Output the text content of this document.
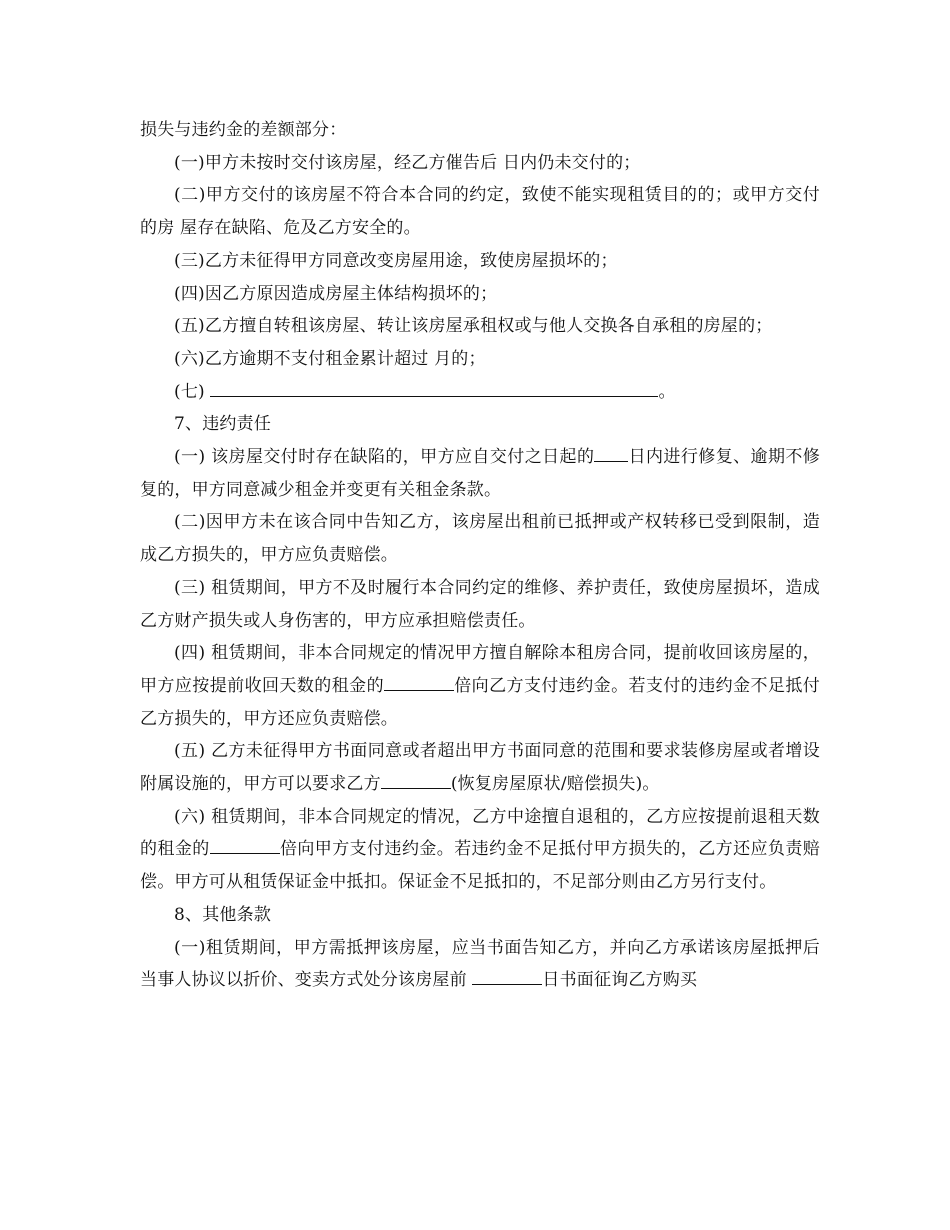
损失与违约金的差额部分：

(一)甲方未按时交付该房屋，经乙方催告后 日内仍未交付的；

(二)甲方交付的该房屋不符合本合同的约定，致使不能实现租赁目的的；或甲方交付的房 屋存在缺陷、危及乙方安全的。

(三)乙方未征得甲方同意改变房屋用途，致使房屋损坏的；

(四)因乙方原因造成房屋主体结构损坏的；

(五)乙方擅自转租该房屋、转让该房屋承租权或与他人交换各自承租的房屋的；

(六)乙方逾期不支付租金累计超过 月的；

(七)	。

7、违约责任

(一) 该房屋交付时存在缺陷的，甲方应自交付之日起的 日内进行修复、逾期不修复的，甲方同意减少租金并变更有关租金条款。

(二)因甲方未在该合同中告知乙方，该房屋出租前已抵押或产权转移已受到限制，造成乙方损失的，甲方应负责赔偿。

(三) 租赁期间，甲方不及时履行本合同约定的维修、养护责任，致使房屋损坏，造成乙方财产损失或人身伤害的，甲方应承担赔偿责任。

(四) 租赁期间，非本合同规定的情况甲方擅自解除本租房合同，提前收回该房屋的，甲方应按提前收回天数的租金的	倍向乙方支付违约金。若支付的违约金不足抵付乙方损失的，甲方还应负责赔偿。

(五) 乙方未征得甲方书面同意或者超出甲方书面同意的范围和要求装修房屋或者增设附属设施的，甲方可以要求乙方	(恢复房屋原状/赔偿损失)。

(六) 租赁期间，非本合同规定的情况，乙方中途擅自退租的，乙方应按提前退租天数的租金的	倍向甲方支付违约金。若违约金不足抵付甲方损失的，乙方还应负责赔偿。甲方可从租赁保证金中抵扣。保证金不足抵扣的，不足部分则由乙方另行支付。

8、其他条款

(一)租赁期间，甲方需抵押该房屋，应当书面告知乙方，并向乙方承诺该房屋抵押后当事人协议以折价、变卖方式处分该房屋前	日书面征询乙方购买
